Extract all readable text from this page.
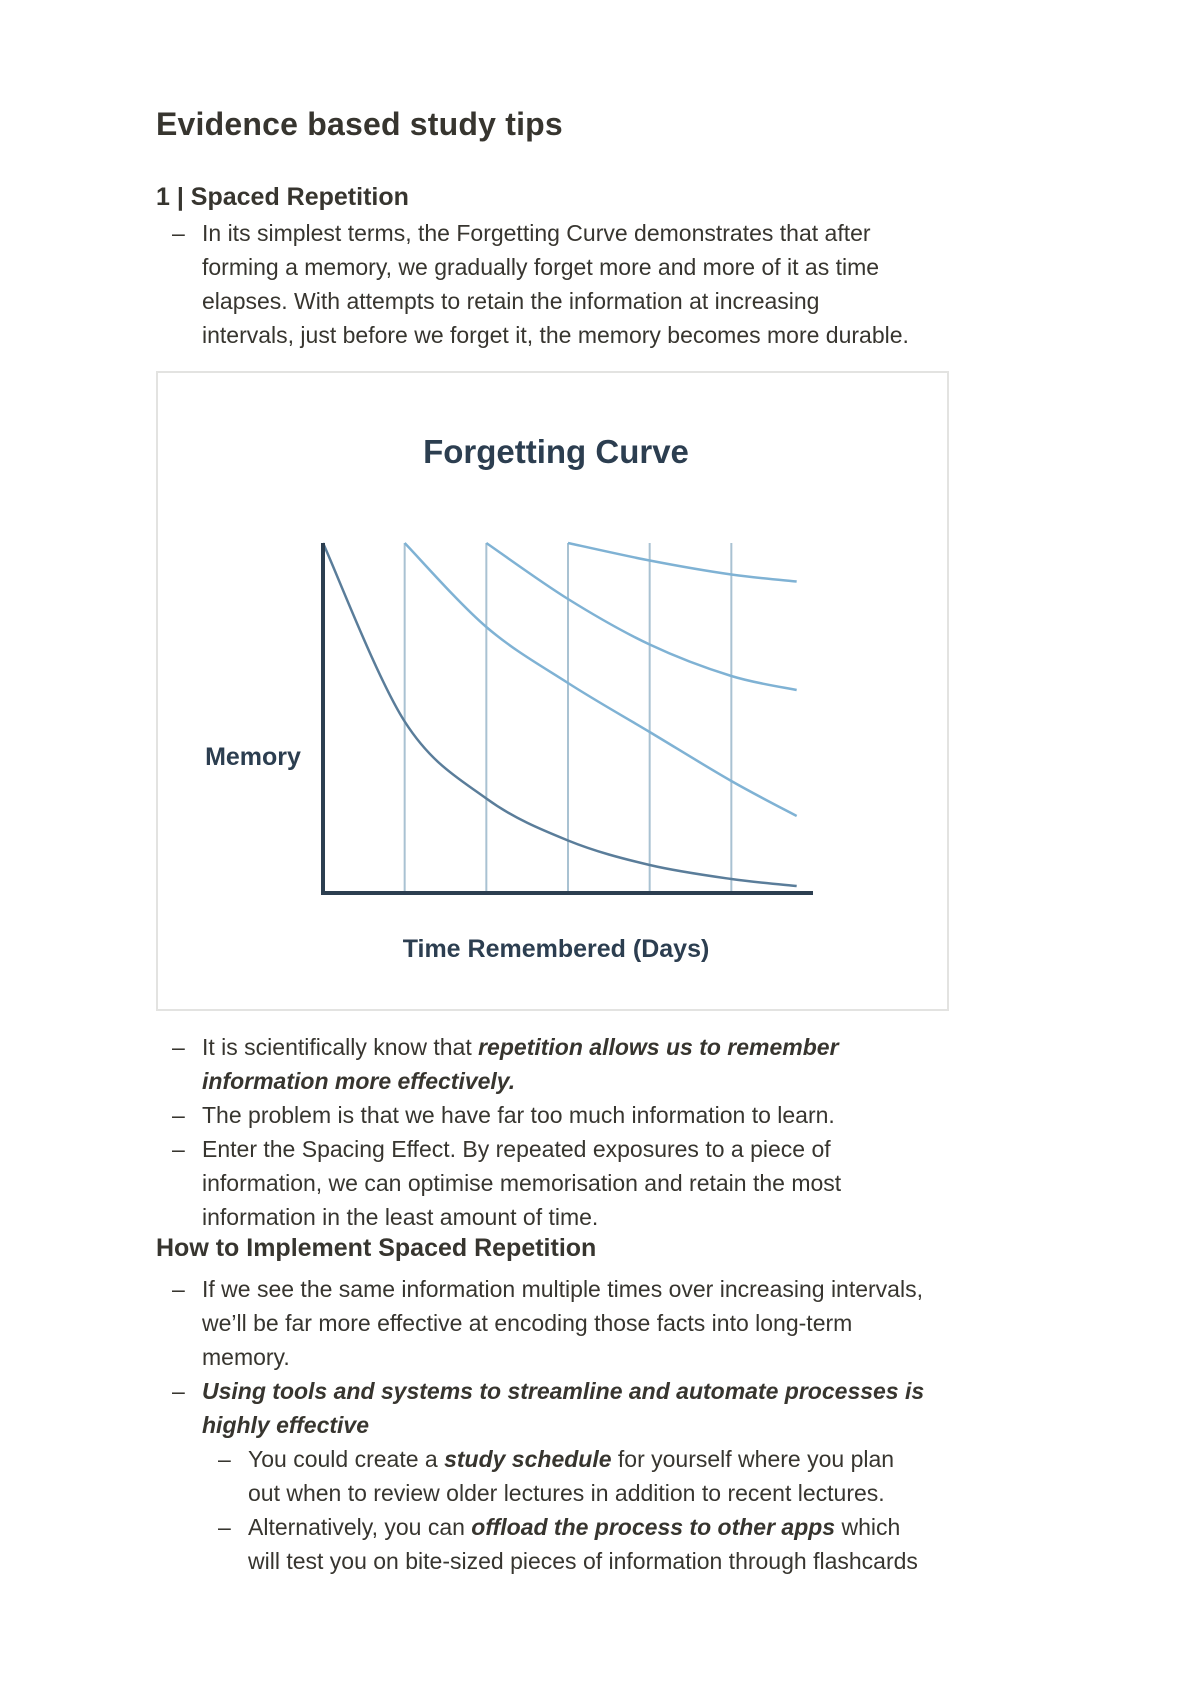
Evidence based study tips
1 | Spaced Repetition
– In its simplest terms, the Forgetting Curve demonstrates that after
forming a memory, we gradually forget more and more of it as time
elapses. With attempts to retain the information at increasing
intervals, just before we forget it, the memory becomes more durable.
Forgetting Curve
Memory
Time Remembered (Days)
– It is scientifically know that repetition allows us to remember
information more effectively.
– The problem is that we have far too much information to learn.
– Enter the Spacing Effect. By repeated exposures to a piece of
information, we can optimise memorisation and retain the most
information in the least amount of time.
How to Implement Spaced Repetition
– If we see the same information multiple times over increasing intervals,
we’ll be far more effective at encoding those facts into long-term
memory.
– Using tools and systems to streamline and automate processes is
highly effective
– You could create a study schedule for yourself where you plan
out when to review older lectures in addition to recent lectures.
– Alternatively, you can offload the process to other apps which
will test you on bite-sized pieces of information through flashcards
